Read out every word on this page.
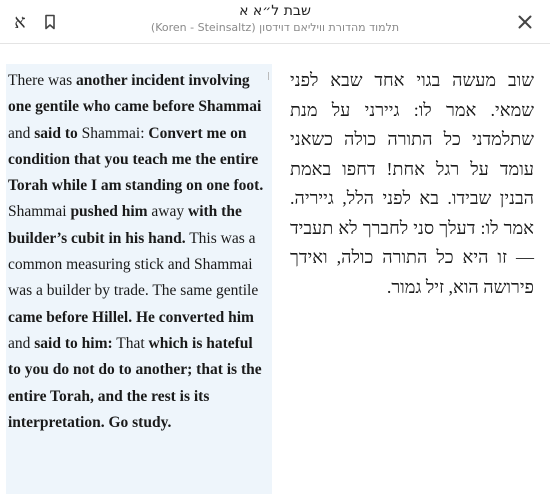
א	שבת ל״א א
תלמוד מהדורת וויליאם דוידסון (Koren - Steinsaltz)
There was another incident involving one gentile who came before Shammai and said to Shammai: Convert me on condition that you teach me the entire Torah while I am standing on one foot. Shammai pushed him away with the builder’s cubit in his hand. This was a common measuring stick and Shammai was a builder by trade. The same gentile came before Hillel. He converted him and said to him: That which is hateful to you do not do to another; that is the entire Torah, and the rest is its interpretation. Go study.
שוב מעשה בגוי אחד שבא לפני שמאי. אמר לו: גיירני על מנת שתלמדני כל התורה כולה כשאני עומד על רגל אחת! דחפו באמת הבנין שבידו. בא לפני הלל, גייריה. אמר לו: דעלך סני לחברך לא תעביד — זו היא כל התורה כולה, ואידך פירושה הוא, זיל גמור.
